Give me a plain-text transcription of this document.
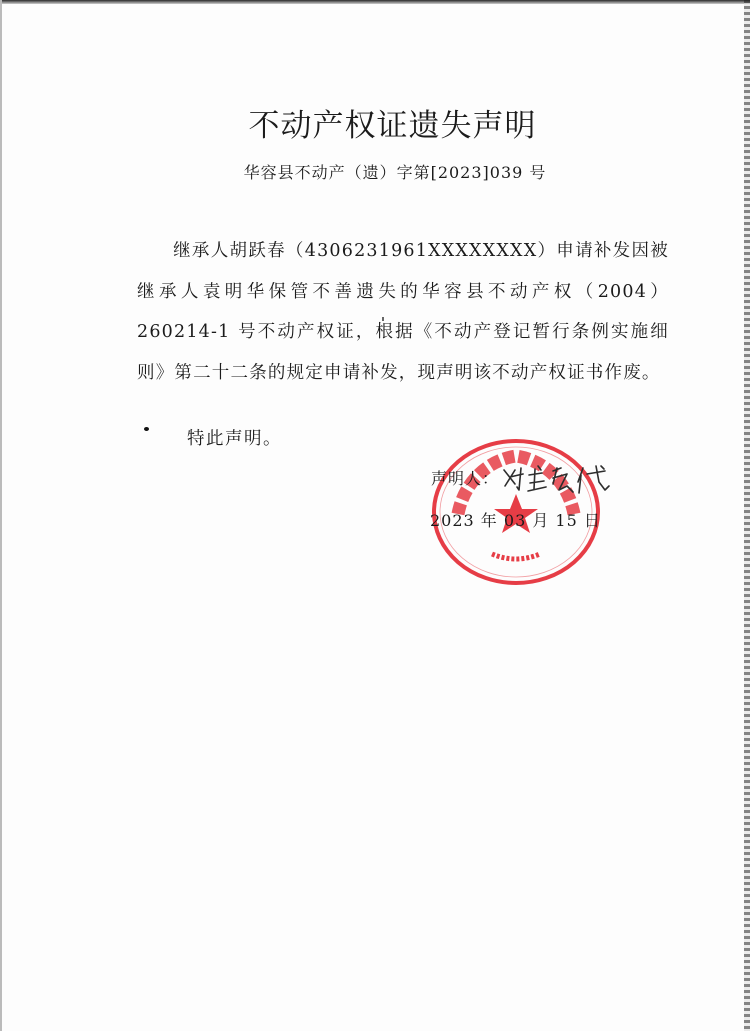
不动产权证遗失声明
华容县不动产（遗）字第[2023]039 号

继承人胡跃春（4306231961XXXXXXXX）申请补发因被继承人袁明华保管不善遗失的华容县不动产权（2004）260214-1 号不动产权证，根据《不动产登记暂行条例实施细则》第二十二条的规定申请补发，现声明该不动产权证书作废。

特此声明。
声明人：
2023 年 03 月 15 日
